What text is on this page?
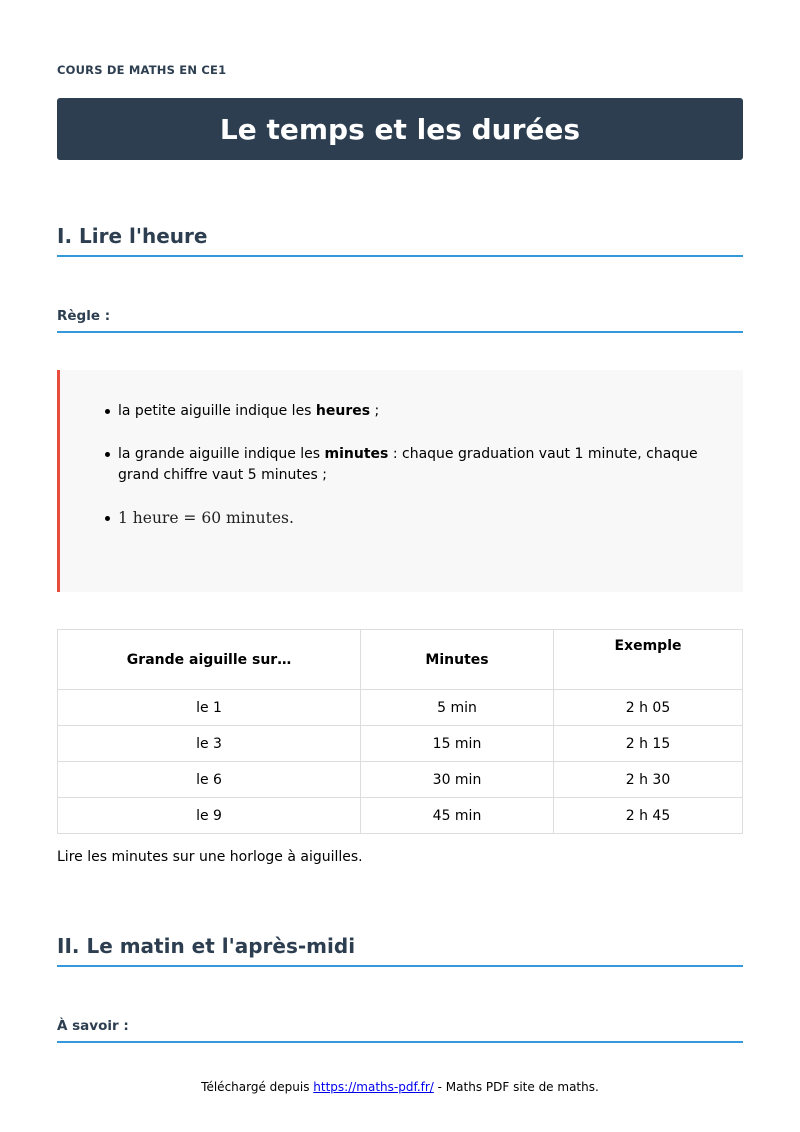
COURS DE MATHS EN CE1
Le temps et les durées
I. Lire l'heure
Règle :
la petite aiguille indique les heures ;
la grande aiguille indique les minutes : chaque graduation vaut 1 minute, chaque grand chiffre vaut 5 minutes ;
1 heure = 60 minutes.
Grande aiguille sur…	Minutes	Exemple
le 1	5 min	2 h 05
le 3	15 min	2 h 15
le 6	30 min	2 h 30
le 9	45 min	2 h 45

Lire les minutes sur une horloge à aiguilles.

II. Le matin et l'après-midi
À savoir :
Téléchargé depuis https://maths-pdf.fr/ - Maths PDF site de maths.
